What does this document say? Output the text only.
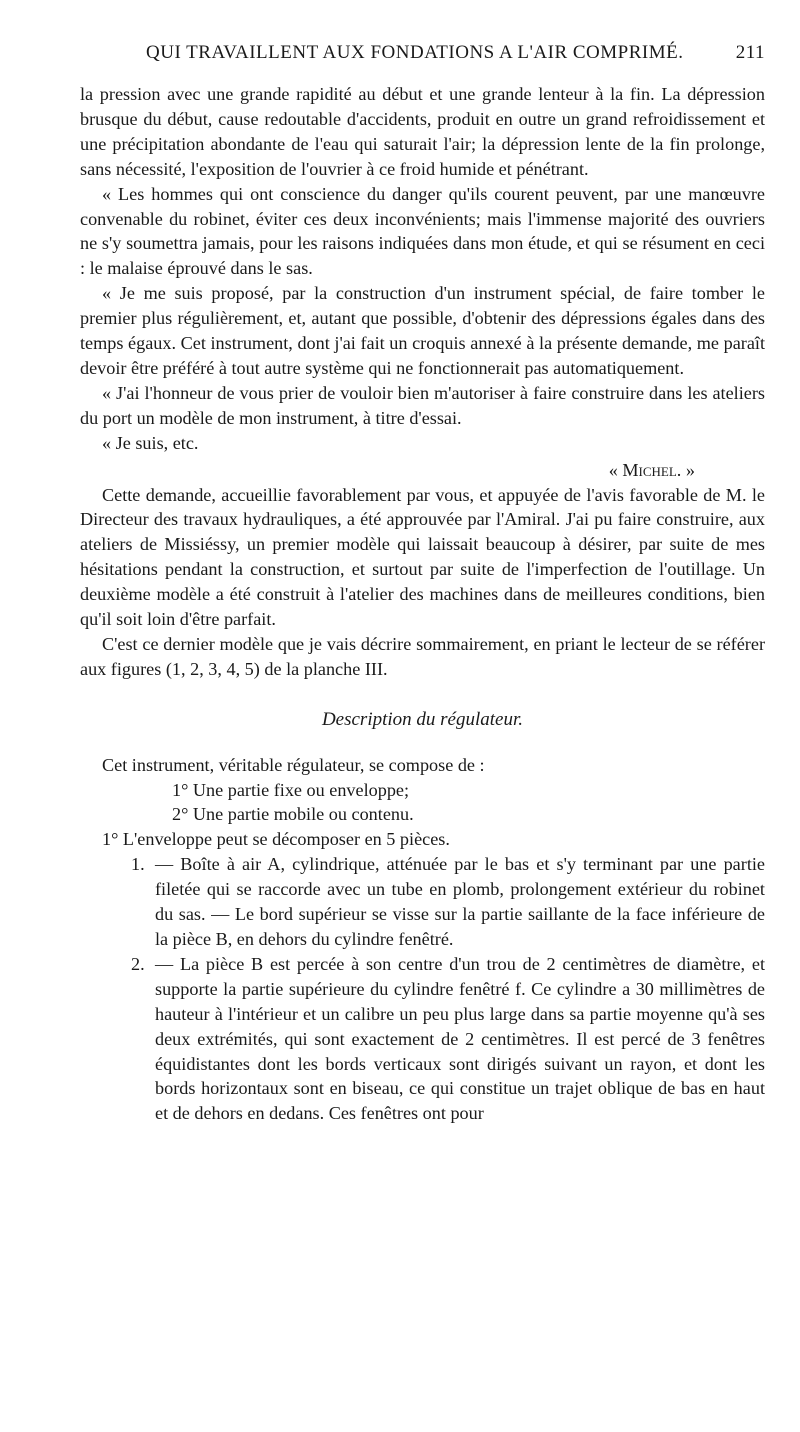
QUI TRAVAILLENT AUX FONDATIONS A L'AIR COMPRIMÉ.	211

la pression avec une grande rapidité au début et une grande lenteur à la fin. La dépression brusque du début, cause redoutable d'accidents, produit en outre un grand refroidissement et une précipitation abondante de l'eau qui saturait l'air; la dépression lente de la fin prolonge, sans nécessité, l'exposition de l'ouvrier à ce froid humide et pénétrant.

« Les hommes qui ont conscience du danger qu'ils courent peuvent, par une manœuvre convenable du robinet, éviter ces deux inconvénients; mais l'immense majorité des ouvriers ne s'y soumettra jamais, pour les raisons indiquées dans mon étude, et qui se résument en ceci : le malaise éprouvé dans le sas.

« Je me suis proposé, par la construction d'un instrument spécial, de faire tomber le premier plus régulièrement, et, autant que possible, d'obtenir des dépressions égales dans des temps égaux. Cet instrument, dont j'ai fait un croquis annexé à la présente demande, me paraît devoir être préféré à tout autre système qui ne fonctionnerait pas automatiquement.

« J'ai l'honneur de vous prier de vouloir bien m'autoriser à faire construire dans les ateliers du port un modèle de mon instrument, à titre d'essai.

« Je suis, etc.

« Michel. »

Cette demande, accueillie favorablement par vous, et appuyée de l'avis favorable de M. le Directeur des travaux hydrauliques, a été approuvée par l'Amiral. J'ai pu faire construire, aux ateliers de Missiéssy, un premier modèle qui laissait beaucoup à désirer, par suite de mes hésitations pendant la construction, et surtout par suite de l'imperfection de l'outillage. Un deuxième modèle a été construit à l'atelier des machines dans de meilleures conditions, bien qu'il soit loin d'être parfait.

C'est ce dernier modèle que je vais décrire sommairement, en priant le lecteur de se référer aux figures (1, 2, 3, 4, 5) de la planche III.

Description du régulateur.

Cet instrument, véritable régulateur, se compose de :

1° Une partie fixe ou enveloppe;

2° Une partie mobile ou contenu.

1° L'enveloppe peut se décomposer en 5 pièces.

1. — Boîte à air A, cylindrique, atténuée par le bas et s'y terminant par une partie filetée qui se raccorde avec un tube en plomb, prolongement extérieur du robinet du sas. — Le bord supérieur se visse sur la partie saillante de la face inférieure de la pièce B, en dehors du cylindre fenêtré.

2. — La pièce B est percée à son centre d'un trou de 2 centimètres de diamètre, et supporte la partie supérieure du cylindre fenêtré f. Ce cylindre a 30 millimètres de hauteur à l'intérieur et un calibre un peu plus large dans sa partie moyenne qu'à ses deux extrémités, qui sont exactement de 2 centimètres. Il est percé de 3 fenêtres équidistantes dont les bords verticaux sont dirigés suivant un rayon, et dont les bords horizontaux sont en biseau, ce qui constitue un trajet oblique de bas en haut et de dehors en dedans. Ces fenêtres ont pour
